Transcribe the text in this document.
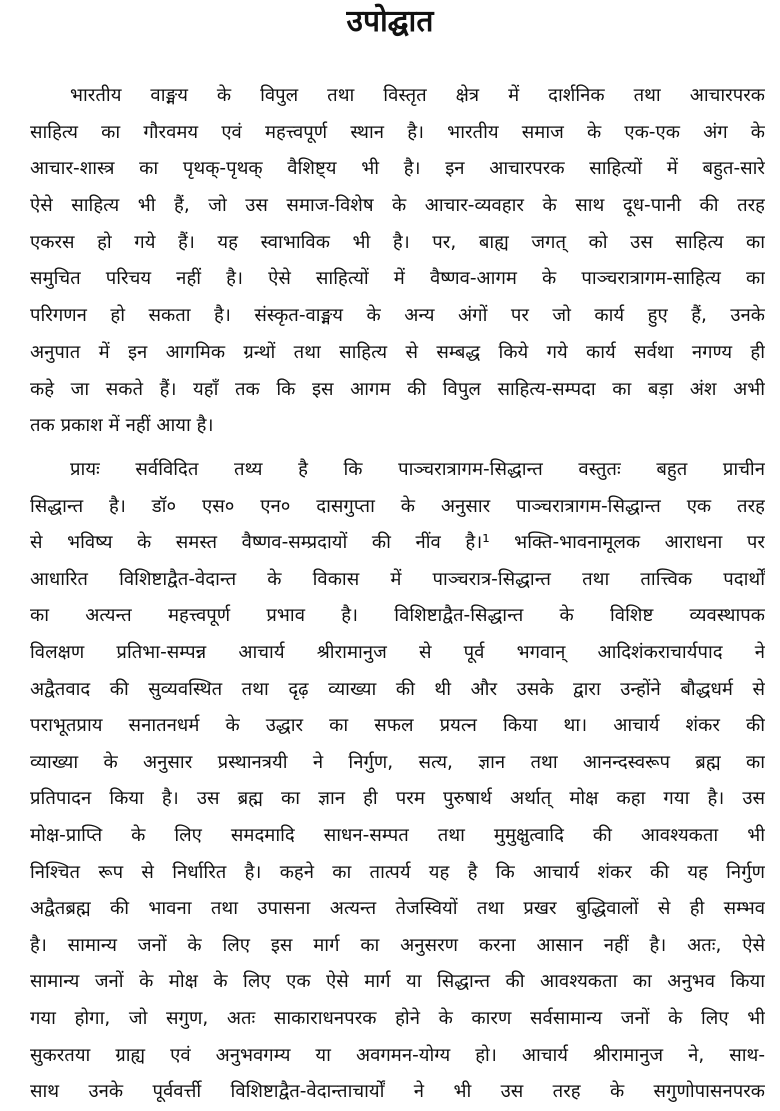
उपोद्घात
भारतीय वाङ्मय के विपुल तथा विस्तृत क्षेत्र में दार्शनिक तथा आचारपरक
साहित्य का गौरवमय एवं महत्त्वपूर्ण स्थान है। भारतीय समाज के एक-एक अंग के
आचार-शास्त्र का पृथक्-पृथक् वैशिष्ट्य भी है। इन आचारपरक साहित्यों में बहुत-सारे
ऐसे साहित्य भी हैं, जो उस समाज-विशेष के आचार-व्यवहार के साथ दूध-पानी की तरह
एकरस हो गये हैं। यह स्वाभाविक भी है। पर, बाह्य जगत् को उस साहित्य का
समुचित परिचय नहीं है। ऐसे साहित्यों में वैष्णव-आगम के पाञ्चरात्रागम-साहित्य का
परिगणन हो सकता है। संस्कृत-वाङ्मय के अन्य अंगों पर जो कार्य हुए हैं, उनके
अनुपात में इन आगमिक ग्रन्थों तथा साहित्य से सम्बद्ध किये गये कार्य सर्वथा नगण्य ही
कहे जा सकते हैं। यहाँ तक कि इस आगम की विपुल साहित्य-सम्पदा का बड़ा अंश अभी
तक प्रकाश में नहीं आया है।
प्रायः सर्वविदित तथ्य है कि पाञ्चरात्रागम-सिद्धान्त वस्तुतः बहुत प्राचीन
सिद्धान्त है। डॉ० एस० एन० दासगुप्ता के अनुसार पाञ्चरात्रागम-सिद्धान्त एक तरह
से भविष्य के समस्त वैष्णव-सम्प्रदायों की नींव है।¹ भक्ति-भावनामूलक आराधना पर
आधारित विशिष्टाद्वैत-वेदान्त के विकास में पाञ्चरात्र-सिद्धान्त तथा तात्त्विक पदार्थों
का अत्यन्त महत्त्वपूर्ण प्रभाव है। विशिष्टाद्वैत-सिद्धान्त के विशिष्ट व्यवस्थापक
विलक्षण प्रतिभा-सम्पन्न आचार्य श्रीरामानुज से पूर्व भगवान् आदिशंकराचार्यपाद ने
अद्वैतवाद की सुव्यवस्थित तथा दृढ़ व्याख्या की थी और उसके द्वारा उन्होंने बौद्धधर्म से
पराभूतप्राय सनातनधर्म के उद्धार का सफल प्रयत्न किया था। आचार्य शंकर की
व्याख्या के अनुसार प्रस्थानत्रयी ने निर्गुण, सत्य, ज्ञान तथा आनन्दस्वरूप ब्रह्म का
प्रतिपादन किया है। उस ब्रह्म का ज्ञान ही परम पुरुषार्थ अर्थात् मोक्ष कहा गया है। उस
मोक्ष-प्राप्ति के लिए समदमादि साधन-सम्पत तथा मुमुक्षुत्वादि की आवश्यकता भी
निश्चित रूप से निर्धारित है। कहने का तात्पर्य यह है कि आचार्य शंकर की यह निर्गुण
अद्वैतब्रह्म की भावना तथा उपासना अत्यन्त तेजस्वियों तथा प्रखर बुद्धिवालों से ही सम्भव
है। सामान्य जनों के लिए इस मार्ग का अनुसरण करना आसान नहीं है। अतः, ऐसे
सामान्य जनों के मोक्ष के लिए एक ऐसे मार्ग या सिद्धान्त की आवश्यकता का अनुभव किया
गया होगा, जो सगुण, अतः साकाराधनपरक होने के कारण सर्वसामान्य जनों के लिए भी
सुकरतया ग्राह्य एवं अनुभवगम्य या अवगमन-योग्य हो। आचार्य श्रीरामानुज ने, साथ-
साथ उनके पूर्ववर्त्ती विशिष्टाद्वैत-वेदान्ताचार्यों ने भी उस तरह के सगुणोपासनपरक
